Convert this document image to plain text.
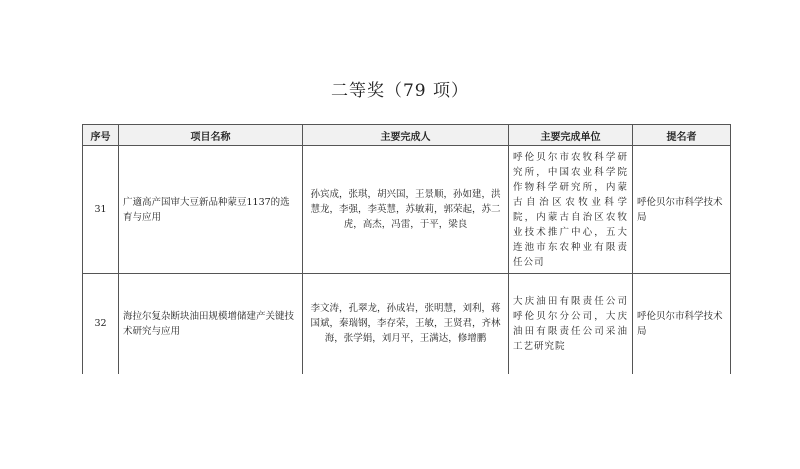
二等奖（79 项）
序号	项目名称	主要完成人	主要完成单位	提名者
31	广適高产国审大豆新品种蒙豆1137的选育与应用	孙宾成，张琪，胡兴国，王景顺，孙如建，洪慧龙，李强，李英慧，苏敏莉，郭荣起，苏二虎，高杰，冯雷，于平，梁良	呼伦贝尔市农牧科学研究所，中国农业科学院作物科学研究所，内蒙古自治区农牧业科学院，内蒙古自治区农牧业技术推广中心，五大连池市东农种业有限责任公司	呼伦贝尔市科学技术局
32	海拉尔复杂断块油田规模增储建产关键技术研究与应用	李文涛，孔翠龙，孙成岩，张明慧，刘利，蒋国斌，秦瑞钢，李存荣，王敏，王贤君，齐林海，张学娟，刘月平，王满达，修增鹏	大庆油田有限责任公司呼伦贝尔分公司，大庆油田有限责任公司采油工艺研究院	呼伦贝尔市科学技术局
